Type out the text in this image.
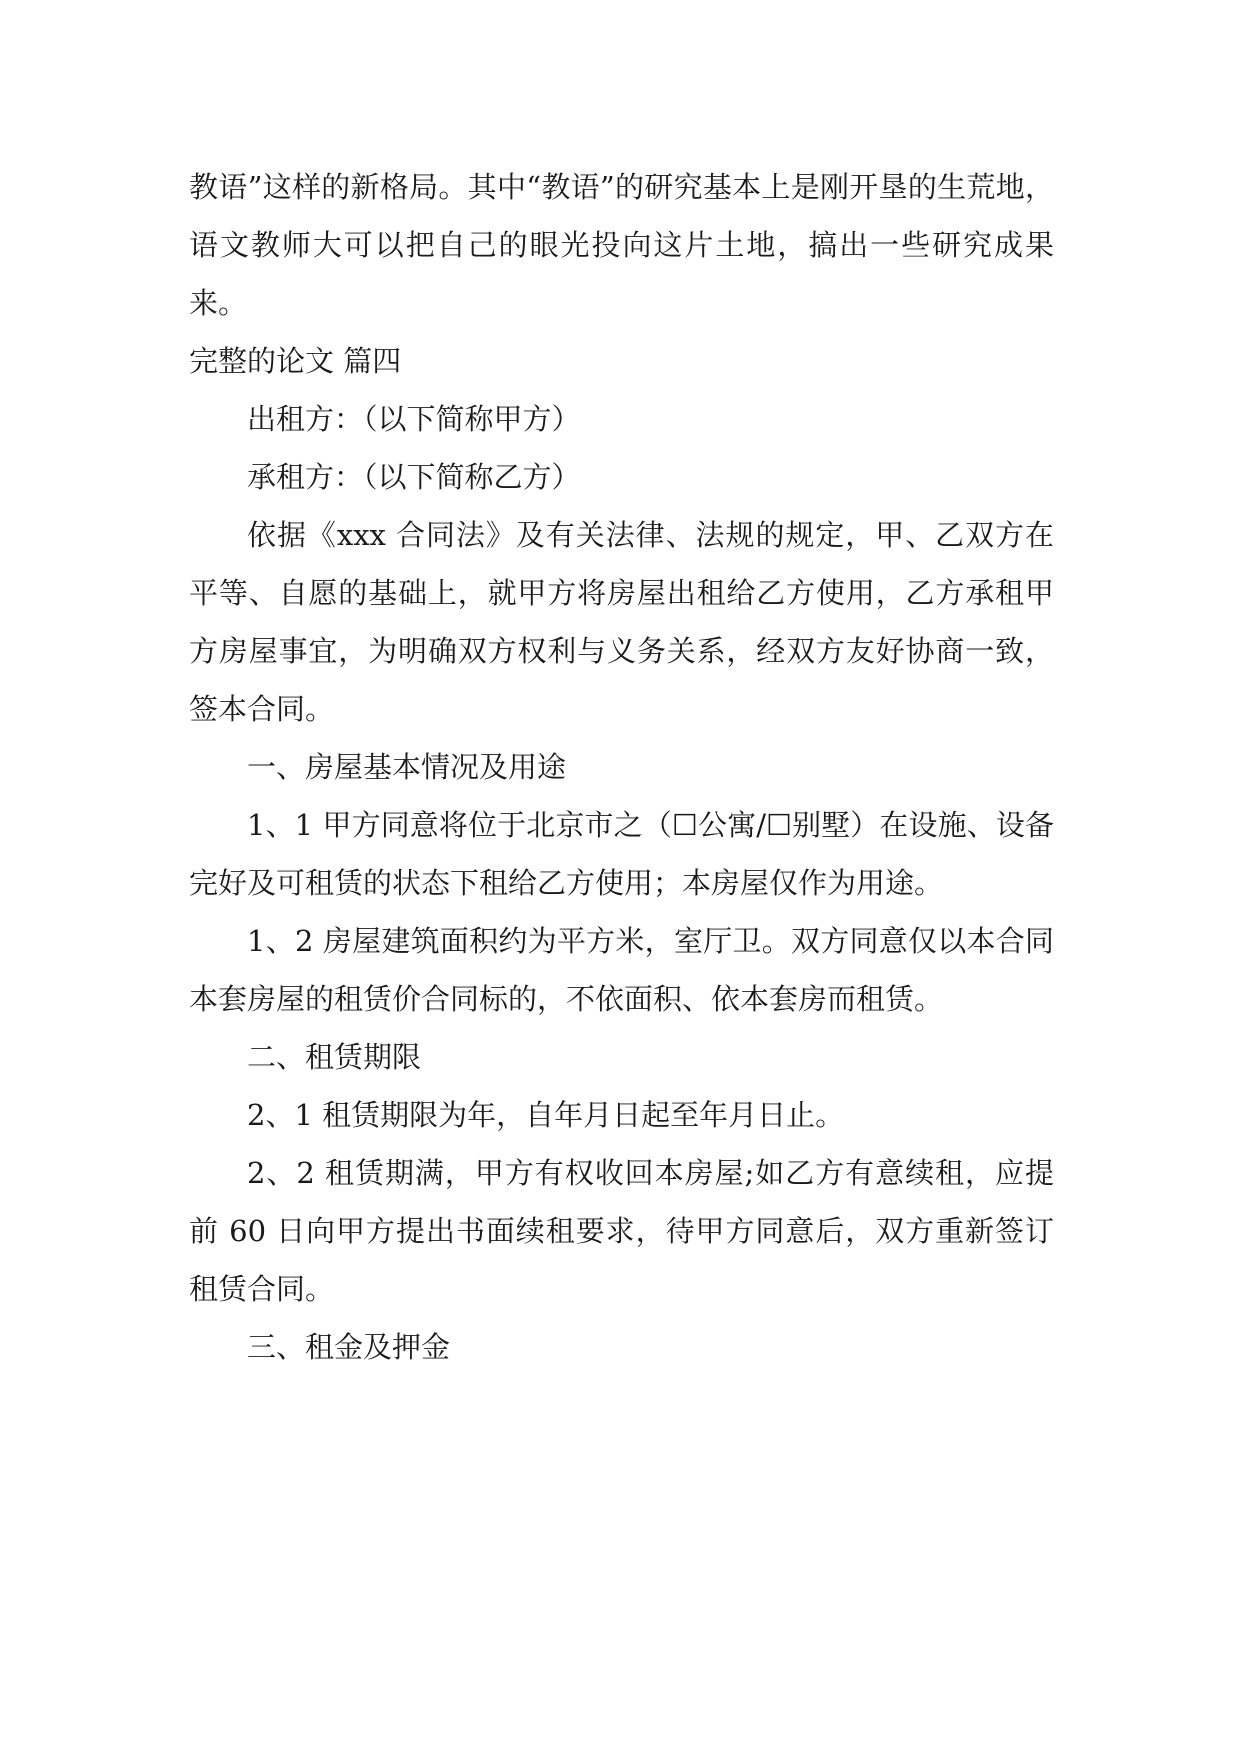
教语”这样的新格局。其中“教语”的研究基本上是刚开垦的生荒地，语文教师大可以把自己的眼光投向这片土地，搞出一些研究成果来。

完整的论文 篇四

出租方：（以下简称甲方）

承租方：（以下简称乙方）

依据《xxx 合同法》及有关法律、法规的规定，甲、乙双方在平等、自愿的基础上，就甲方将房屋出租给乙方使用，乙方承租甲方房屋事宜，为明确双方权利与义务关系，经双方友好协商一致，签本合同。

一、房屋基本情况及用途

1、1 甲方同意将位于北京市之（☐公寓/☐别墅）在设施、设备完好及可租赁的状态下租给乙方使用；本房屋仅作为用途。

1、2 房屋建筑面积约为平方米，室厅卫。双方同意仅以本合同本套房屋的租赁价合同标的，不依面积、依本套房而租赁。

二、租赁期限

2、1 租赁期限为年，自年月日起至年月日止。

2、2 租赁期满，甲方有权收回本房屋;如乙方有意续租，应提前 60 日向甲方提出书面续租要求，待甲方同意后，双方重新签订租赁合同。

三、租金及押金
